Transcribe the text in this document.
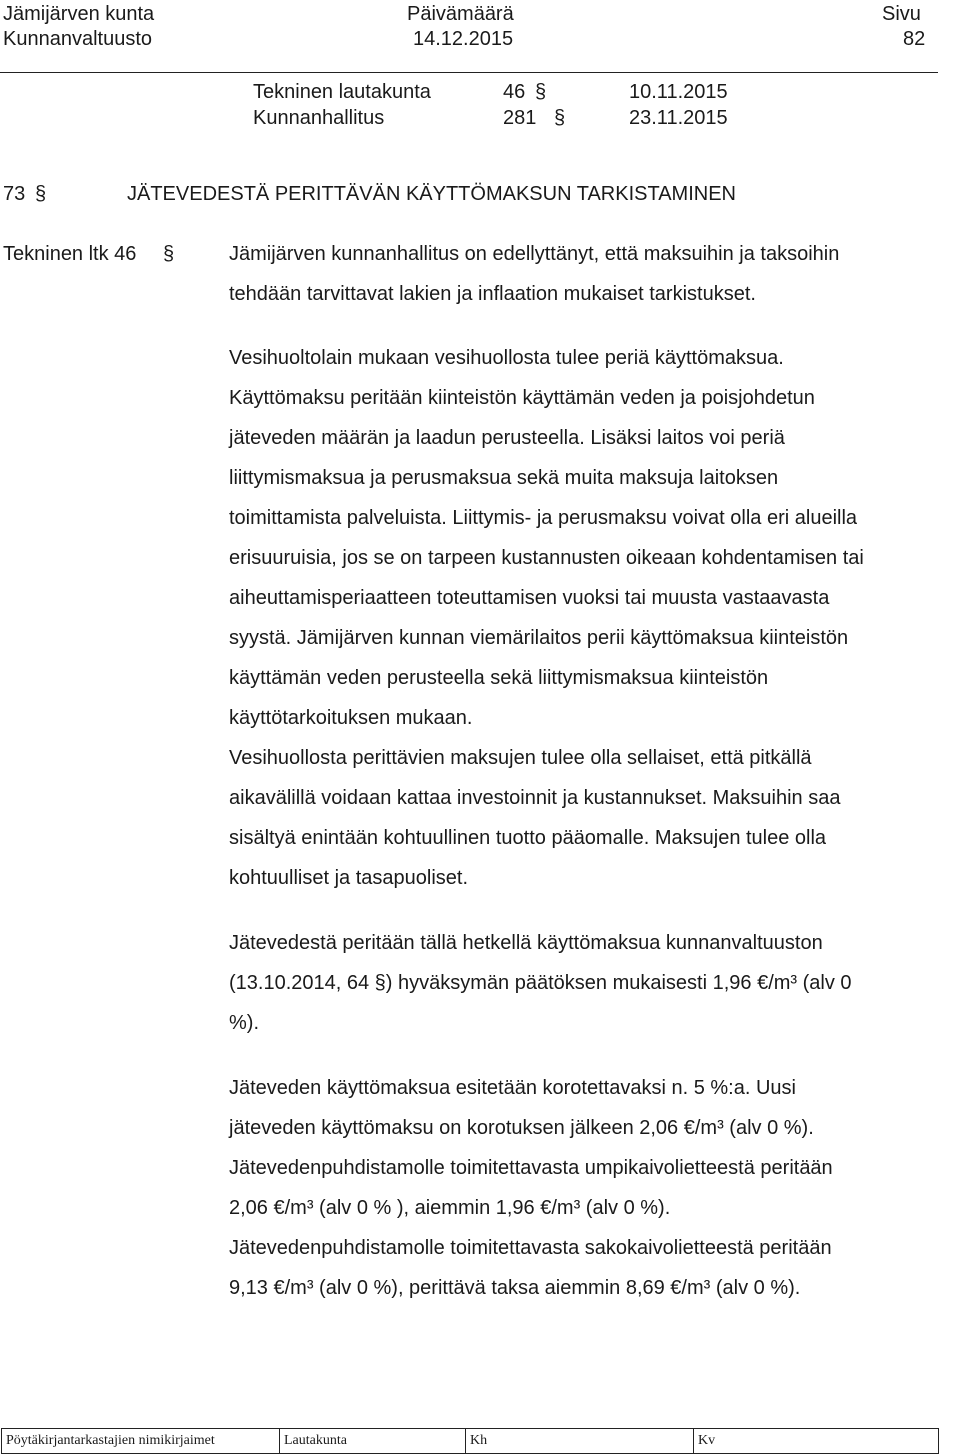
Jämijärven kunta
Kunnanvaltuusto
Päivämäärä
14.12.2015
Sivu
82
Tekninen lautakunta	46 §	10.11.2015
Kunnanhallitus	281 §	23.11.2015
73 §	JÄTEVEDESTÄ PERITTÄVÄN KÄYTTÖMAKSUN TARKISTAMINEN
Tekninen ltk 46 §	Jämijärven kunnanhallitus on edellyttänyt, että maksuihin ja taksoihin
tehdään tarvittavat lakien ja inflaation mukaiset tarkistukset.
Vesihuoltolain mukaan vesihuollosta tulee periä käyttömaksua.
Käyttömaksu peritään kiinteistön käyttämän veden ja poisjohdetun
jäteveden määrän ja laadun perusteella. Lisäksi laitos voi periä
liittymismaksua ja perusmaksua sekä muita maksuja laitoksen
toimittamista palveluista. Liittymis- ja perusmaksu voivat olla eri alueilla
erisuuruisia, jos se on tarpeen kustannusten oikeaan kohdentamisen tai
aiheuttamisperiaatteen toteuttamisen vuoksi tai muusta vastaavasta
syystä. Jämijärven kunnan viemärilaitos perii käyttömaksua kiinteistön
käyttämän veden perusteella sekä liittymismaksua kiinteistön
käyttötarkoituksen mukaan.
Vesihuollosta perittävien maksujen tulee olla sellaiset, että pitkällä
aikavälillä voidaan kattaa investoinnit ja kustannukset. Maksuihin saa
sisältyä enintään kohtuullinen tuotto pääomalle. Maksujen tulee olla
kohtuulliset ja tasapuoliset.
Jätevedestä peritään tällä hetkellä käyttömaksua kunnanvaltuuston
(13.10.2014, 64 §) hyväksymän päätöksen mukaisesti 1,96 €/m³ (alv 0
%).
Jäteveden käyttömaksua esitetään korotettavaksi n. 5 %:a. Uusi
jäteveden käyttömaksu on korotuksen jälkeen 2,06 €/m³ (alv 0 %).
Jätevedenpuhdistamolle toimitettavasta umpikaivolietteestä peritään
2,06 €/m³ (alv 0 % ), aiemmin 1,96 €/m³ (alv 0 %).
Jätevedenpuhdistamolle toimitettavasta sakokaivolietteestä peritään
9,13 €/m³ (alv 0 %), perittävä taksa aiemmin 8,69 €/m³ (alv 0 %).
Pöytäkirjantarkastajien nimikirjaimet	Lautakunta	Kh	Kv
